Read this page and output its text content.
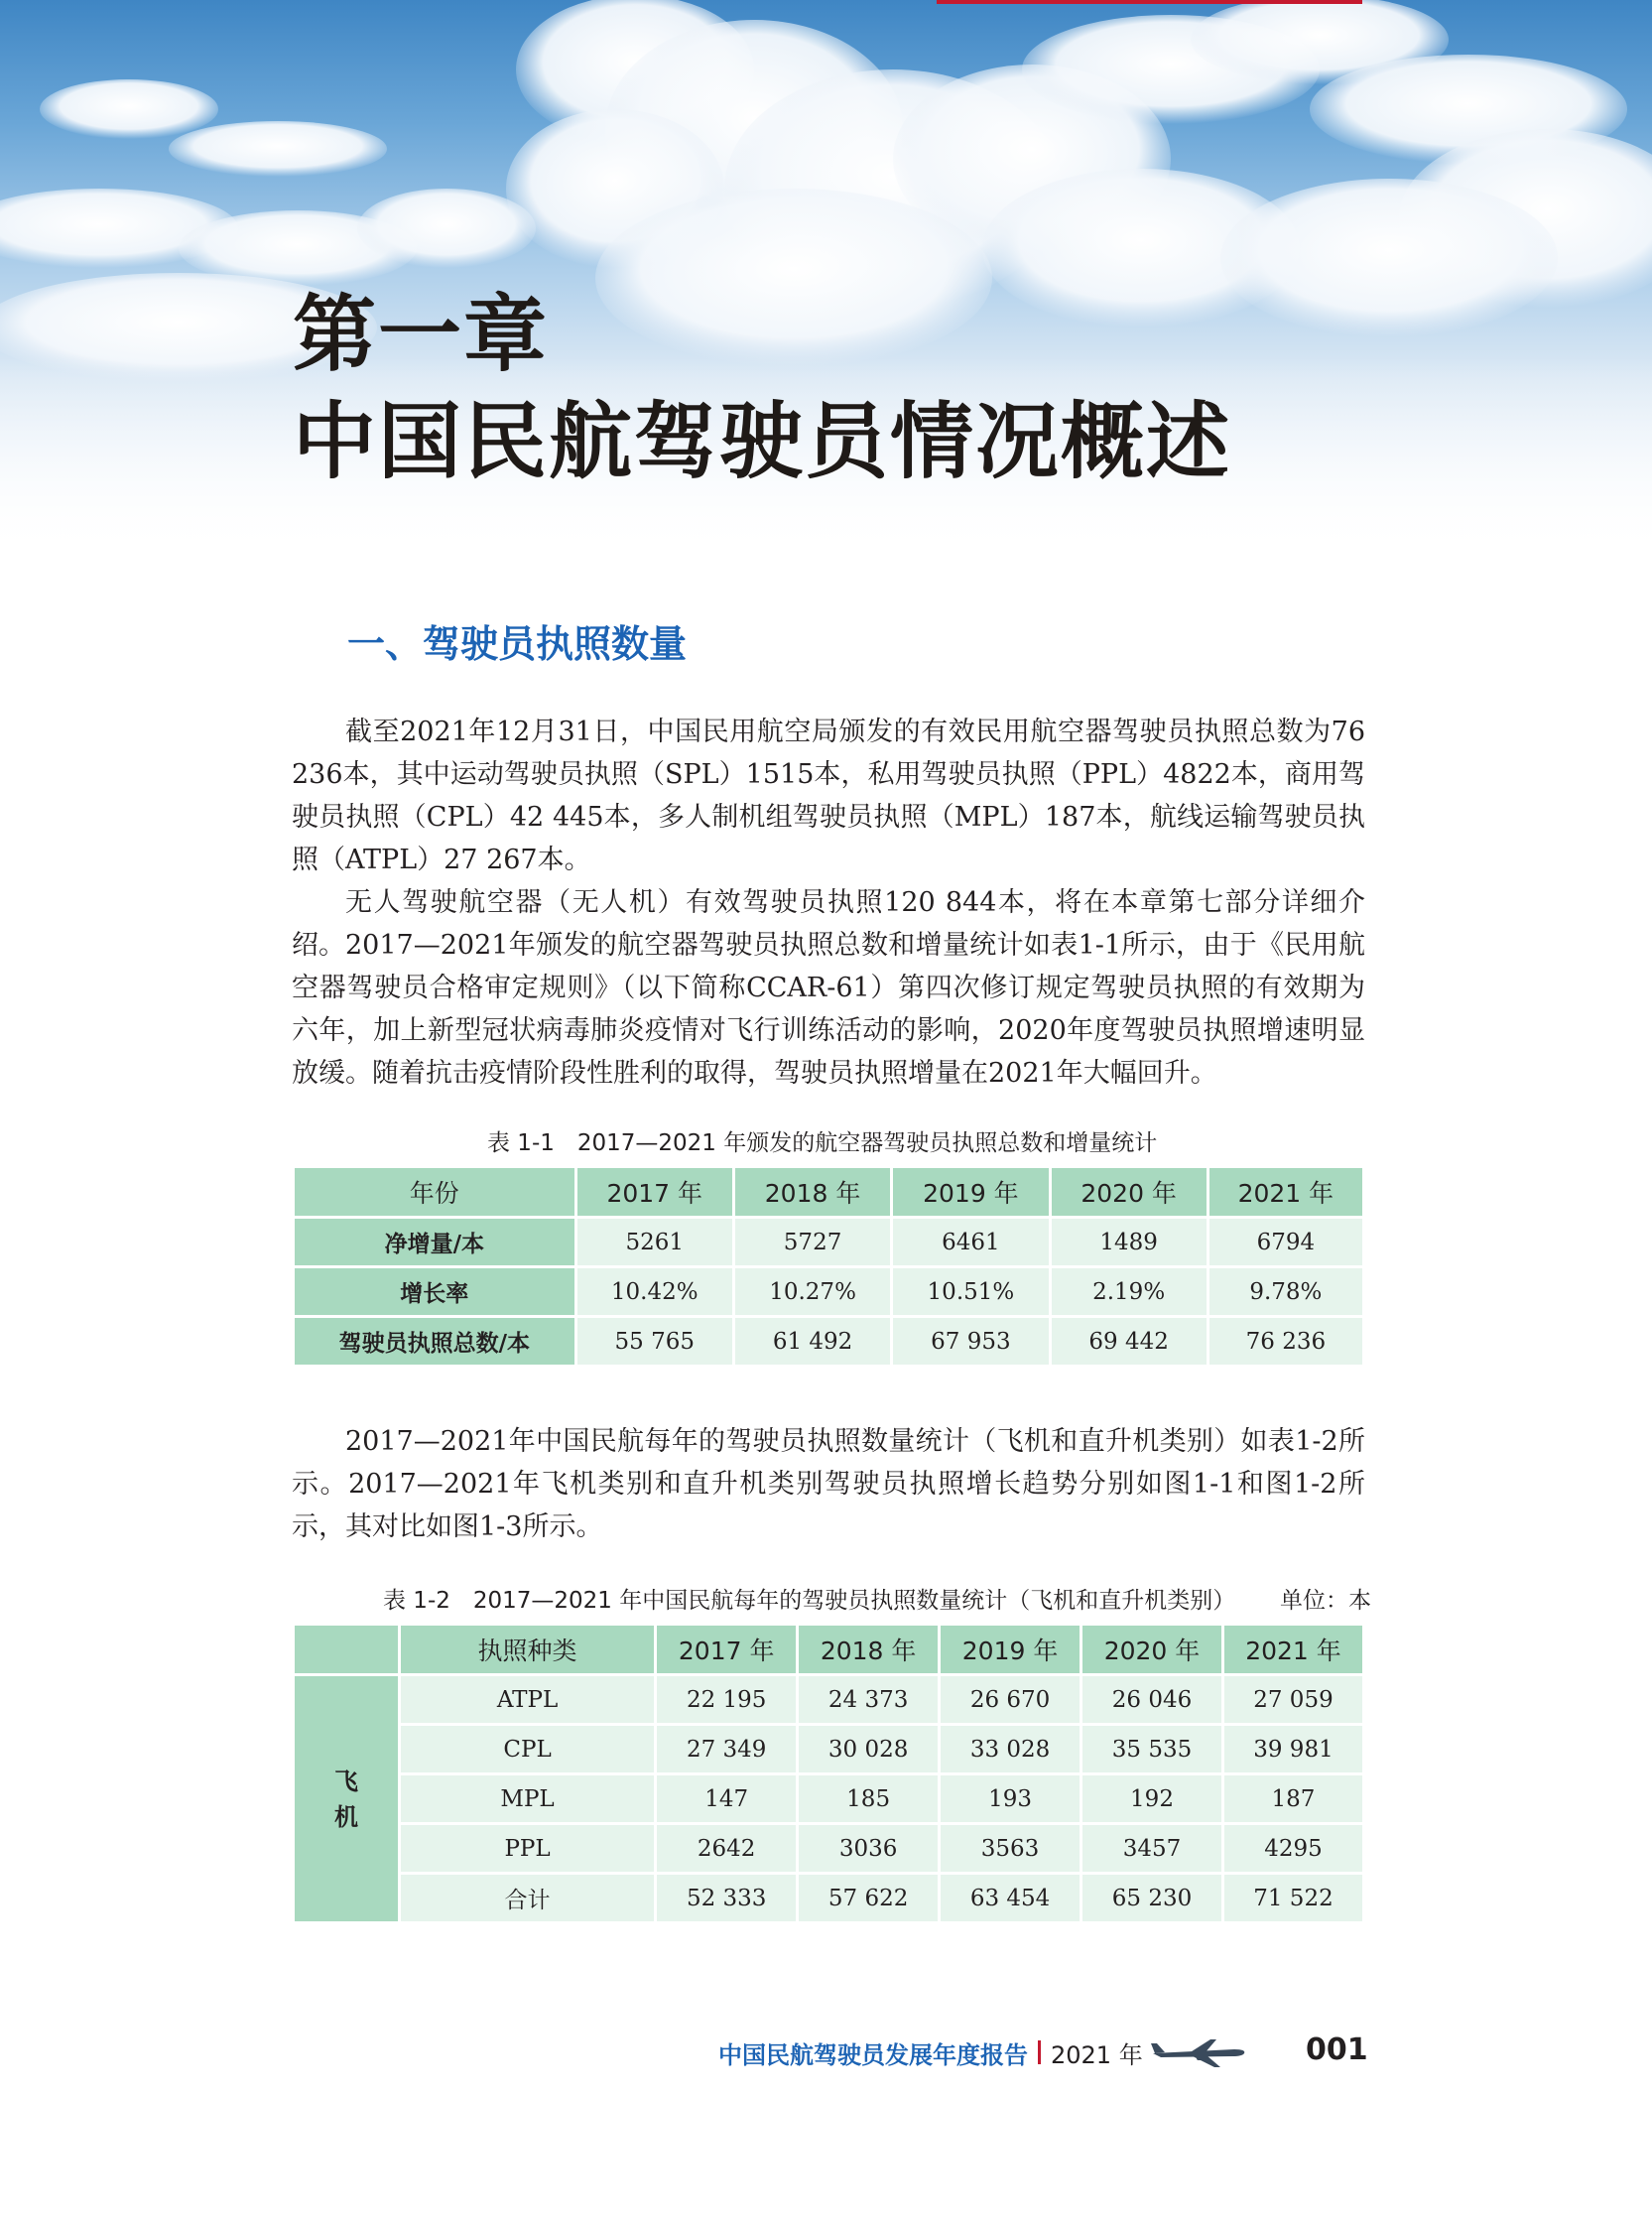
第一章
中国民航驾驶员情况概述
一、驾驶员执照数量

截至2021年12月31日，中国民用航空局颁发的有效民用航空器驾驶员执照总数为76 236本，其中运动驾驶员执照（SPL）1515本，私用驾驶员执照（PPL）4822本，商用驾驶员执照（CPL）42 445本，多人制机组驾驶员执照（MPL）187本，航线运输驾驶员执照（ATPL）27 267本。

无人驾驶航空器（无人机）有效驾驶员执照120 844本，将在本章第七部分详细介绍。 2017—2021年颁发的航空器驾驶员执照总数和增量统计如表1-1所示，由于《民用航空器驾驶员合格审定规则》（以下简称CCAR-61）第四次修订规定驾驶员执照的有效期为六年，加上新型冠状病毒肺炎疫情对飞行训练活动的影响，2020年度驾驶员执照增速明显放缓。随着抗击疫情阶段性胜利的取得，驾驶员执照增量在2021年大幅回升。

表 1-1　2017—2021 年颁发的航空器驾驶员执照总数和增量统计
年份	2017 年	2018 年	2019 年	2020 年	2021 年
净增量/本	5261	5727	6461	1489	6794
增长率	10.42%	10.27%	10.51%	2.19%	9.78%
驾驶员执照总数/本	55 765	61 492	67 953	69 442	76 236

2017—2021年中国民航每年的驾驶员执照数量统计（飞机和直升机类别）如表1-2所示。2017—2021年飞机类别和直升机类别驾驶员执照增长趋势分别如图1-1和图1-2所示，其对比如图1-3所示。

表 1-2　2017—2021 年中国民航每年的驾驶员执照数量统计（飞机和直升机类别） 单位：本
	执照种类	2017 年	2018 年	2019 年	2020 年	2021 年

飞
机	ATPL	22 195	24 373	26 670	26 046	27 059
	CPL	27 349	30 028	33 028	35 535	39 981
	MPL	147	185	193	192	187
	PPL	2642	3036	3563	3457	4295
	合计	52 333	57 622	63 454	65 230	71 522
中国民航驾驶员发展年度报告 2021 年	001
